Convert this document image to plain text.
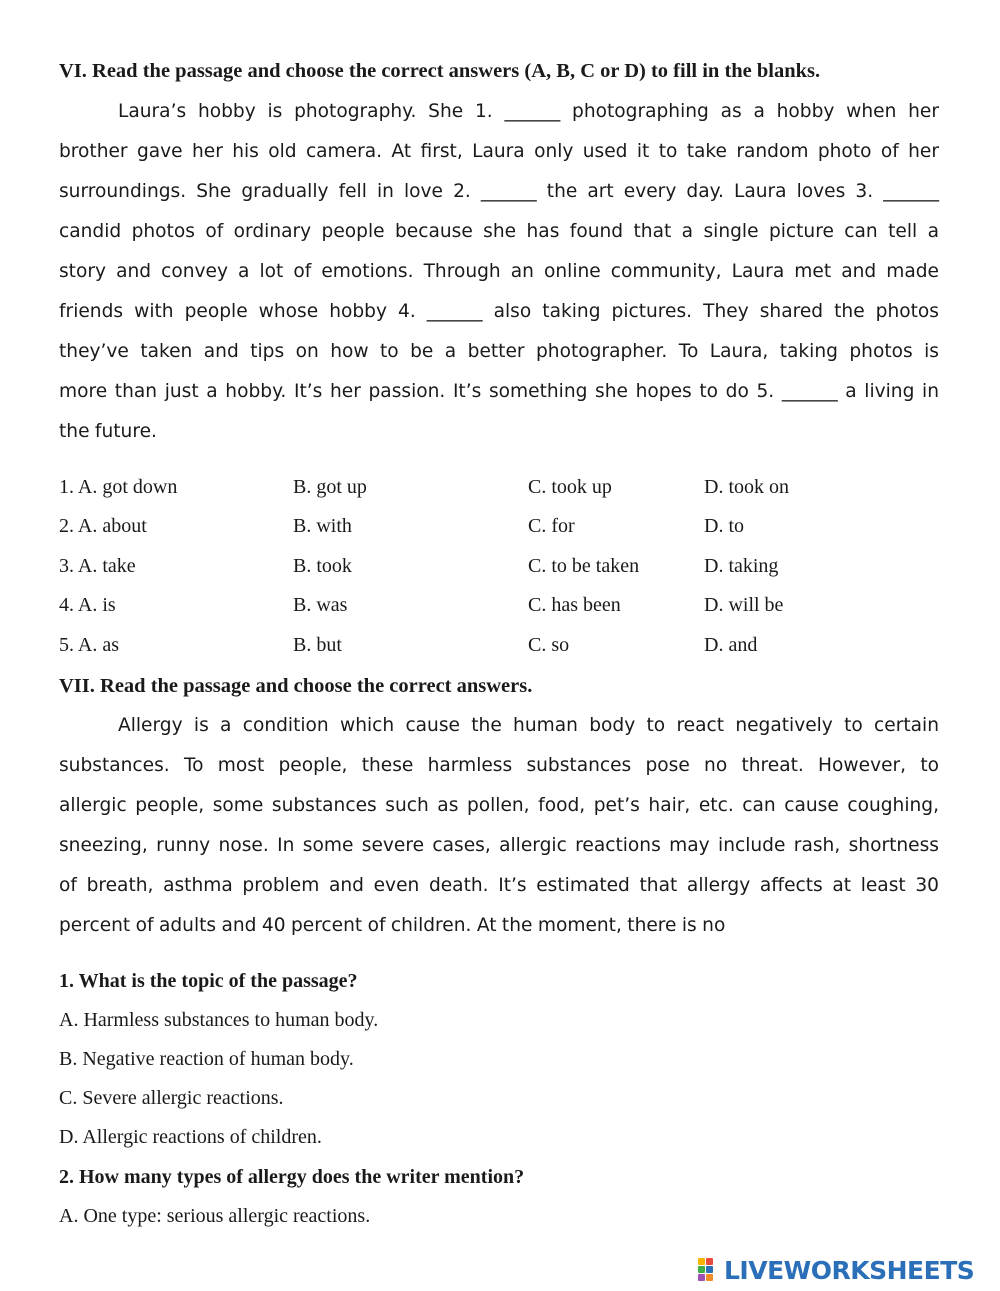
VI. Read the passage and choose the correct answers (A, B, C or D) to fill in the blanks.
Laura’s hobby is photography. She 1. ______ photographing as a hobby when her
brother gave her his old camera. At first, Laura only used it to take random photo of her
surroundings. She gradually fell in love 2. ______ the art every day. Laura loves 3. ______
candid photos of ordinary people because she has found that a single picture can tell a
story and convey a lot of emotions. Through an online community, Laura met and made
friends with people whose hobby 4. ______ also taking pictures. They shared the photos
they’ve taken and tips on how to be a better photographer. To Laura, taking photos is
more than just a hobby. It’s her passion. It’s something she hopes to do 5. ______ a living in
the future.
1. A. got down	B. got up	C. took up	D. took on
2. A. about	B. with	C. for	D. to
3. A. take	B. took	C. to be taken	D. taking
4. A. is	B. was	C. has been	D. will be
5. A. as	B. but	C. so	D. and
VII. Read the passage and choose the correct answers.
Allergy is a condition which cause the human body to react negatively to certain
substances. To most people, these harmless substances pose no threat. However, to
allergic people, some substances such as pollen, food, pet’s hair, etc. can cause coughing,
sneezing, runny nose. In some severe cases, allergic reactions may include rash, shortness
of breath, asthma problem and even death. It’s estimated that allergy affects at least 30
percent of adults and 40 percent of children. At the moment, there is no
1. What is the topic of the passage?
A. Harmless substances to human body.
B. Negative reaction of human body.
C. Severe allergic reactions.
D. Allergic reactions of children.
2. How many types of allergy does the writer mention?
A. One type: serious allergic reactions.
LIVEWORKSHEETS
